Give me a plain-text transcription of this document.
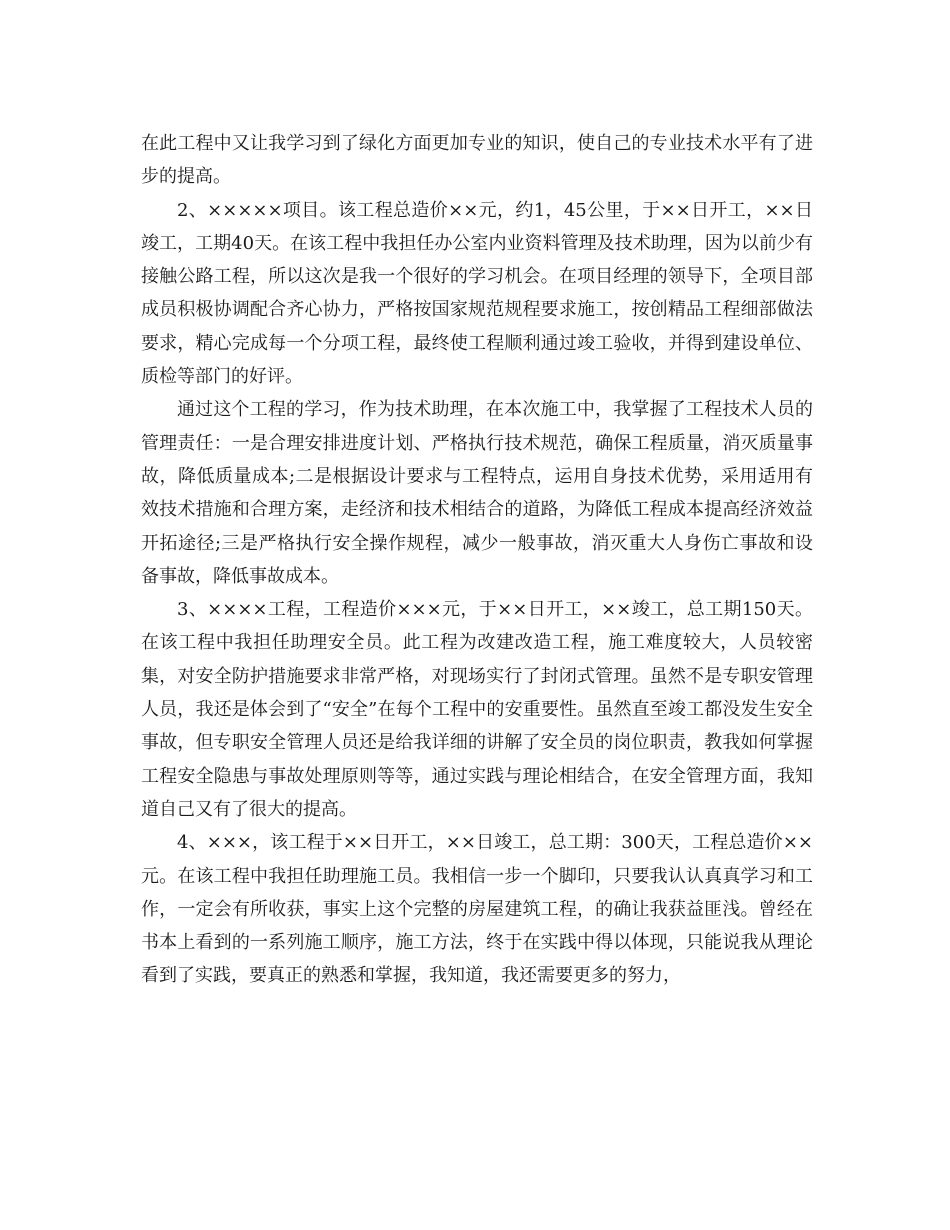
在此工程中又让我学习到了绿化方面更加专业的知识，使自己的专业技术水平有了进步的提高。

2、×××××项目。该工程总造价××元，约1，45公里，于××日开工，××日竣工，工期40天。在该工程中我担任办公室内业资料管理及技术助理，因为以前少有接触公路工程，所以这次是我一个很好的学习机会。在项目经理的领导下，全项目部成员积极协调配合齐心协力，严格按国家规范规程要求施工，按创精品工程细部做法要求，精心完成每一个分项工程，最终使工程顺利通过竣工验收，并得到建设单位、质检等部门的好评。

通过这个工程的学习，作为技术助理，在本次施工中，我掌握了工程技术人员的管理责任：一是合理安排进度计划、严格执行技术规范，确保工程质量，消灭质量事故，降低质量成本;二是根据设计要求与工程特点，运用自身技术优势，采用适用有效技术措施和合理方案，走经济和技术相结合的道路，为降低工程成本提高经济效益开拓途径;三是严格执行安全操作规程，减少一般事故，消灭重大人身伤亡事故和设备事故，降低事故成本。

3、××××工程，工程造价×××元，于××日开工，××竣工，总工期150天。在该工程中我担任助理安全员。此工程为改建改造工程，施工难度较大，人员较密集，对安全防护措施要求非常严格，对现场实行了封闭式管理。虽然不是专职安管理人员，我还是体会到了“安全”在每个工程中的安重要性。虽然直至竣工都没发生安全事故，但专职安全管理人员还是给我详细的讲解了安全员的岗位职责，教我如何掌握工程安全隐患与事故处理原则等等，通过实践与理论相结合，在安全管理方面，我知道自己又有了很大的提高。

4、×××，该工程于××日开工，××日竣工，总工期：300天，工程总造价××元。在该工程中我担任助理施工员。我相信一步一个脚印，只要我认认真真学习和工作，一定会有所收获，事实上这个完整的房屋建筑工程，的确让我获益匪浅。曾经在书本上看到的一系列施工顺序，施工方法，终于在实践中得以体现，只能说我从理论看到了实践，要真正的熟悉和掌握，我知道，我还需要更多的努力，
